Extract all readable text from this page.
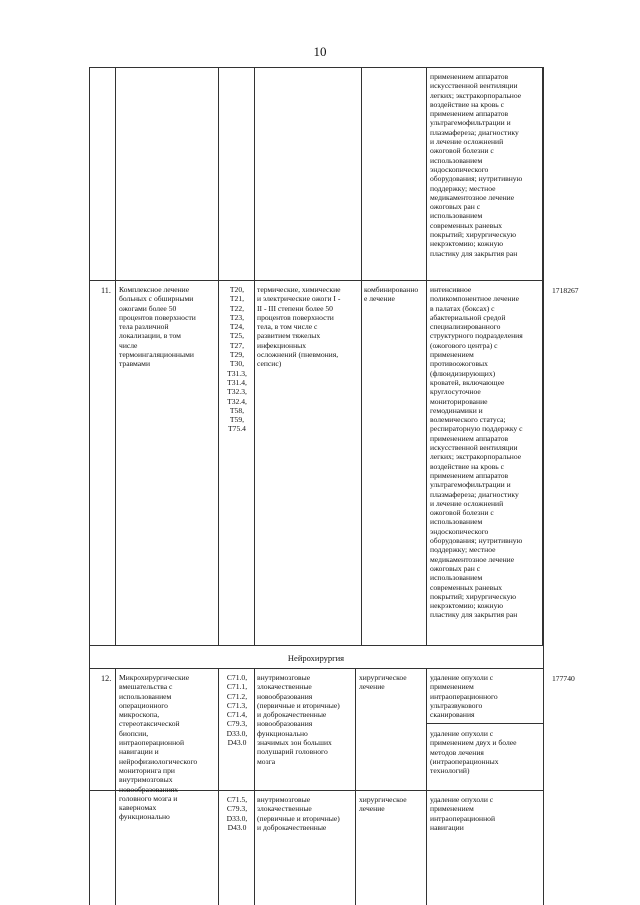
10
применением аппаратов
искусственной вентиляции
легких; экстракорпоральное
воздействие на кровь с
применением аппаратов
ультрагемофильтрации и
плазмафереза; диагностику
и лечение осложнений
ожоговой болезни с
использованием
эндоскопического
оборудования; нутритивную
поддержку; местное
медикаментозное лечение
ожоговых ран с
использованием
современных раневых
покрытий; хирургическую
некрэктомию; кожную
пластику для закрытия ран
11.	Комплексное лечение
больных с обширными
ожогами более 50
процентов поверхности
тела различной
локализации, в том
числе
термоингаляционными
травмами
T20,
T21,
T22,
T23,
T24,
T25,
T27,
T29,
T30,
T31.3,
T31.4,
T32.3,
T32.4,
T58,
T59,
T75.4
термические, химические
и электрические ожоги I -
II - III степени более 50
процентов поверхности
тела, в том числе с
развитием тяжелых
инфекционных
осложнений (пневмония,
сепсис)
комбинированно
e лечение
интенсивное
поликомпонентное лечение
в палатах (боксах) с
абактериальной средой
специализированного
структурного подразделения
(ожогового центра) с
применением
противоожоговых
(флюидизирующих)
кроватей, включающее
круглосуточное
мониторирование
гемодинамики и
волемического статуса;
респираторную поддержку с
применением аппаратов
искусственной вентиляции
легких; экстракорпоральное
воздействие на кровь с
применением аппаратов
ультрагемофильтрации и
плазмафереза; диагностику
и лечение осложнений
ожоговой болезни с
использованием
эндоскопического
оборудования; нутритивную
поддержку; местное
медикаментозное лечение
ожоговых ран с
использованием
современных раневых
покрытий; хирургическую
некрэктомию; кожную
пластику для закрытия ран
1718267
Нейрохирургия
12.	Микрохирургические
вмешательства с
использованием
операционного
микроскопа,
стереотаксической
биопсии,
интраоперационной
навигации и
нейрофизиологического
мониторинга при
внутримозговых
новообразованиях
головного мозга и
каверномах
функционально
C71.0,
C71.1,
C71.2,
C71.3,
C71.4,
C79.3,
D33.0,
D43.0
внутримозговые
злокачественные
новообразования
(первичные и вторичные)
и доброкачественные
новообразования
функционально
значимых зон больших
полушарий головного
мозга
хирургическое
лечение
удаление опухоли с
применением
интраоперационного
ультразвукового
сканирования
удаление опухоли с
применением двух и более
методов лечения
(интраоперационных
технологий)
177740
C71.5,
C79.3,
D33.0,
D43.0
внутримозговые
злокачественные
(первичные и вторичные)
и доброкачественные
хирургическое
лечение
удаление опухоли с
применением
интраоперационной
навигации
